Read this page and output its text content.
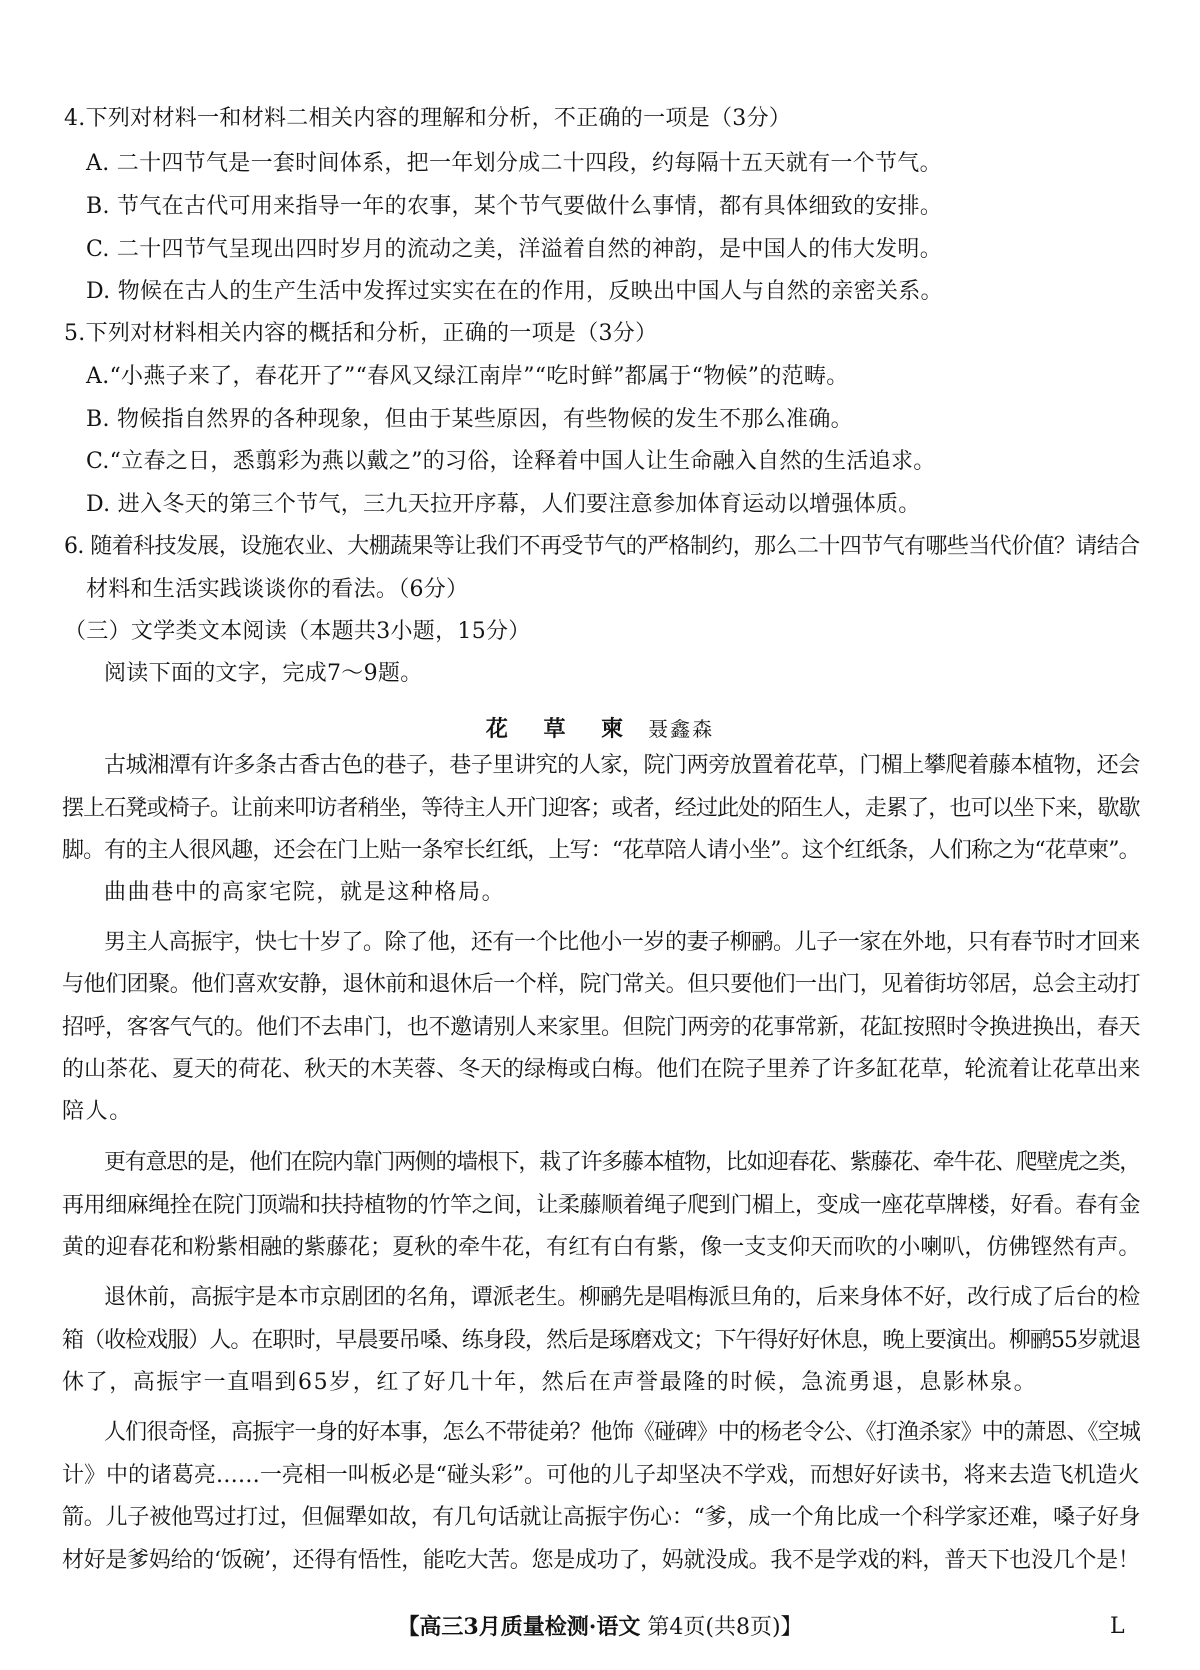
4.下列对材料一和材料二相关内容的理解和分析，不正确的一项是（3分）
A. 二十四节气是一套时间体系，把一年划分成二十四段，约每隔十五天就有一个节气。
B. 节气在古代可用来指导一年的农事，某个节气要做什么事情，都有具体细致的安排。
C. 二十四节气呈现出四时岁月的流动之美，洋溢着自然的神韵，是中国人的伟大发明。
D. 物候在古人的生产生活中发挥过实实在在的作用，反映出中国人与自然的亲密关系。
5.下列对材料相关内容的概括和分析，正确的一项是（3分）
A.“小燕子来了，春花开了”“春风又绿江南岸”“吃时鲜”都属于“物候”的范畴。
B. 物候指自然界的各种现象，但由于某些原因，有些物候的发生不那么准确。
C.“立春之日，悉翦彩为燕以戴之”的习俗，诠释着中国人让生命融入自然的生活追求。
D. 进入冬天的第三个节气，三九天拉开序幕，人们要注意参加体育运动以增强体质。
6. 随着科技发展，设施农业、大棚蔬果等让我们不再受节气的严格制约，那么二十四节气有哪些当代价值？请结合
材料和生活实践谈谈你的看法。（6分）
（三）文学类文本阅读（本题共3小题，15分）
阅读下面的文字，完成7～9题。
花 草 柬 聂鑫森
古城湘潭有许多条古香古色的巷子，巷子里讲究的人家，院门两旁放置着花草，门楣上攀爬着藤本植物，还会
摆上石凳或椅子。让前来叩访者稍坐，等待主人开门迎客；或者，经过此处的陌生人，走累了，也可以坐下来，歇歇
脚。有的主人很风趣，还会在门上贴一条窄长红纸，上写：“花草陪人请小坐”。这个红纸条，人们称之为“花草柬”。
曲曲巷中的高家宅院，就是这种格局。
男主人高振宇，快七十岁了。除了他，还有一个比他小一岁的妻子柳鹂。儿子一家在外地，只有春节时才回来
与他们团聚。他们喜欢安静，退休前和退休后一个样，院门常关。但只要他们一出门，见着街坊邻居，总会主动打
招呼，客客气气的。他们不去串门，也不邀请别人来家里。但院门两旁的花事常新，花缸按照时令换进换出，春天
的山茶花、夏天的荷花、秋天的木芙蓉、冬天的绿梅或白梅。他们在院子里养了许多缸花草，轮流着让花草出来
陪人。
更有意思的是，他们在院内靠门两侧的墙根下，栽了许多藤本植物，比如迎春花、紫藤花、牵牛花、爬壁虎之类，
再用细麻绳拴在院门顶端和扶持植物的竹竿之间，让柔藤顺着绳子爬到门楣上，变成一座花草牌楼，好看。春有金
黄的迎春花和粉紫相融的紫藤花；夏秋的牵牛花，有红有白有紫，像一支支仰天而吹的小喇叭，仿佛铿然有声。
退休前，高振宇是本市京剧团的名角，谭派老生。柳鹂先是唱梅派旦角的，后来身体不好，改行成了后台的检
箱（收检戏服）人。在职时，早晨要吊嗓、练身段，然后是琢磨戏文；下午得好好休息，晚上要演出。柳鹂55岁就退
休了，高振宇一直唱到65岁，红了好几十年，然后在声誉最隆的时候，急流勇退，息影林泉。
人们很奇怪，高振宇一身的好本事，怎么不带徒弟？他饰《碰碑》中的杨老令公、《打渔杀家》中的萧恩、《空城
计》中的诸葛亮……一亮相一叫板必是“碰头彩”。可他的儿子却坚决不学戏，而想好好读书，将来去造飞机造火
箭。儿子被他骂过打过，但倔犟如故，有几句话就让高振宇伤心：“爹，成一个角比成一个科学家还难，嗓子好身
材好是爹妈给的‘饭碗’，还得有悟性，能吃大苦。您是成功了，妈就没成。我不是学戏的料，普天下也没几个是！
【高三3月质量检测·语文 第4页(共8页)】	L
